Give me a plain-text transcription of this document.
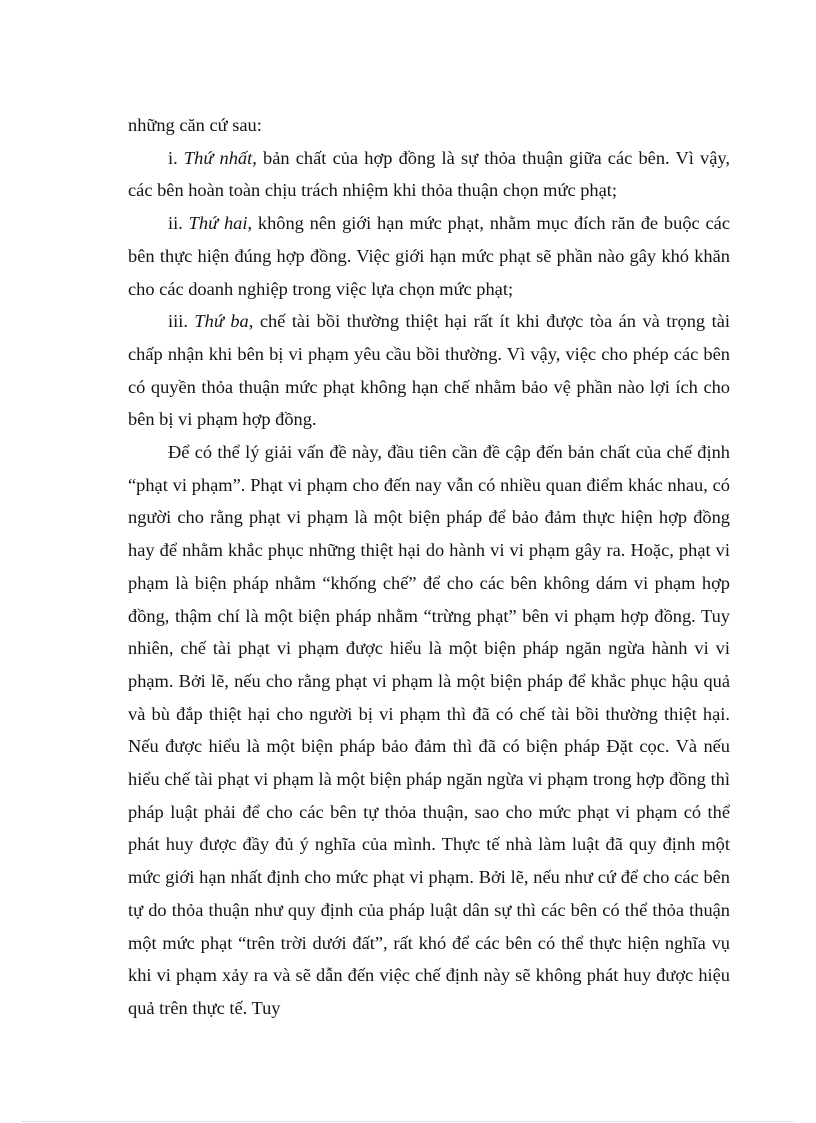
những căn cứ sau:

i. Thứ nhất, bản chất của hợp đồng là sự thỏa thuận giữa các bên. Vì vậy, các bên hoàn toàn chịu trách nhiệm khi thỏa thuận chọn mức phạt;

ii. Thứ hai, không nên giới hạn mức phạt, nhằm mục đích răn đe buộc các bên thực hiện đúng hợp đồng. Việc giới hạn mức phạt sẽ phần nào gây khó khăn cho các doanh nghiệp trong việc lựa chọn mức phạt;

iii. Thứ ba, chế tài bồi thường thiệt hại rất ít khi được tòa án và trọng tài chấp nhận khi bên bị vi phạm yêu cầu bồi thường. Vì vậy, việc cho phép các bên có quyền thỏa thuận mức phạt không hạn chế nhằm bảo vệ phần nào lợi ích cho bên bị vi phạm hợp đồng.

Để có thể lý giải vấn đề này, đầu tiên cần đề cập đến bản chất của chế định “phạt vi phạm”. Phạt vi phạm cho đến nay vẫn có nhiều quan điểm khác nhau, có người cho rằng phạt vi phạm là một biện pháp để bảo đảm thực hiện hợp đồng hay để nhằm khắc phục những thiệt hại do hành vi vi phạm gây ra. Hoặc, phạt vi phạm là biện pháp nhằm “khống chế” để cho các bên không dám vi phạm hợp đồng, thậm chí là một biện pháp nhằm “trừng phạt” bên vi phạm hợp đồng. Tuy nhiên, chế tài phạt vi phạm được hiểu là một biện pháp ngăn ngừa hành vi vi phạm. Bởi lẽ, nếu cho rằng phạt vi phạm là một biện pháp để khắc phục hậu quả và bù đắp thiệt hại cho người bị vi phạm thì đã có chế tài bồi thường thiệt hại. Nếu được hiểu là một biện pháp bảo đảm thì đã có biện pháp Đặt cọc. Và nếu hiểu chế tài phạt vi phạm là một biện pháp ngăn ngừa vi phạm trong hợp đồng thì pháp luật phải để cho các bên tự thỏa thuận, sao cho mức phạt vi phạm có thể phát huy được đầy đủ ý nghĩa của mình. Thực tế nhà làm luật đã quy định một mức giới hạn nhất định cho mức phạt vi phạm. Bởi lẽ, nếu như cứ để cho các bên tự do thỏa thuận như quy định của pháp luật dân sự thì các bên có thể thỏa thuận một mức phạt “trên trời dưới đất”, rất khó để các bên có thể thực hiện nghĩa vụ khi vi phạm xảy ra và sẽ dẫn đến việc chế định này sẽ không phát huy được hiệu quả trên thực tế. Tuy
